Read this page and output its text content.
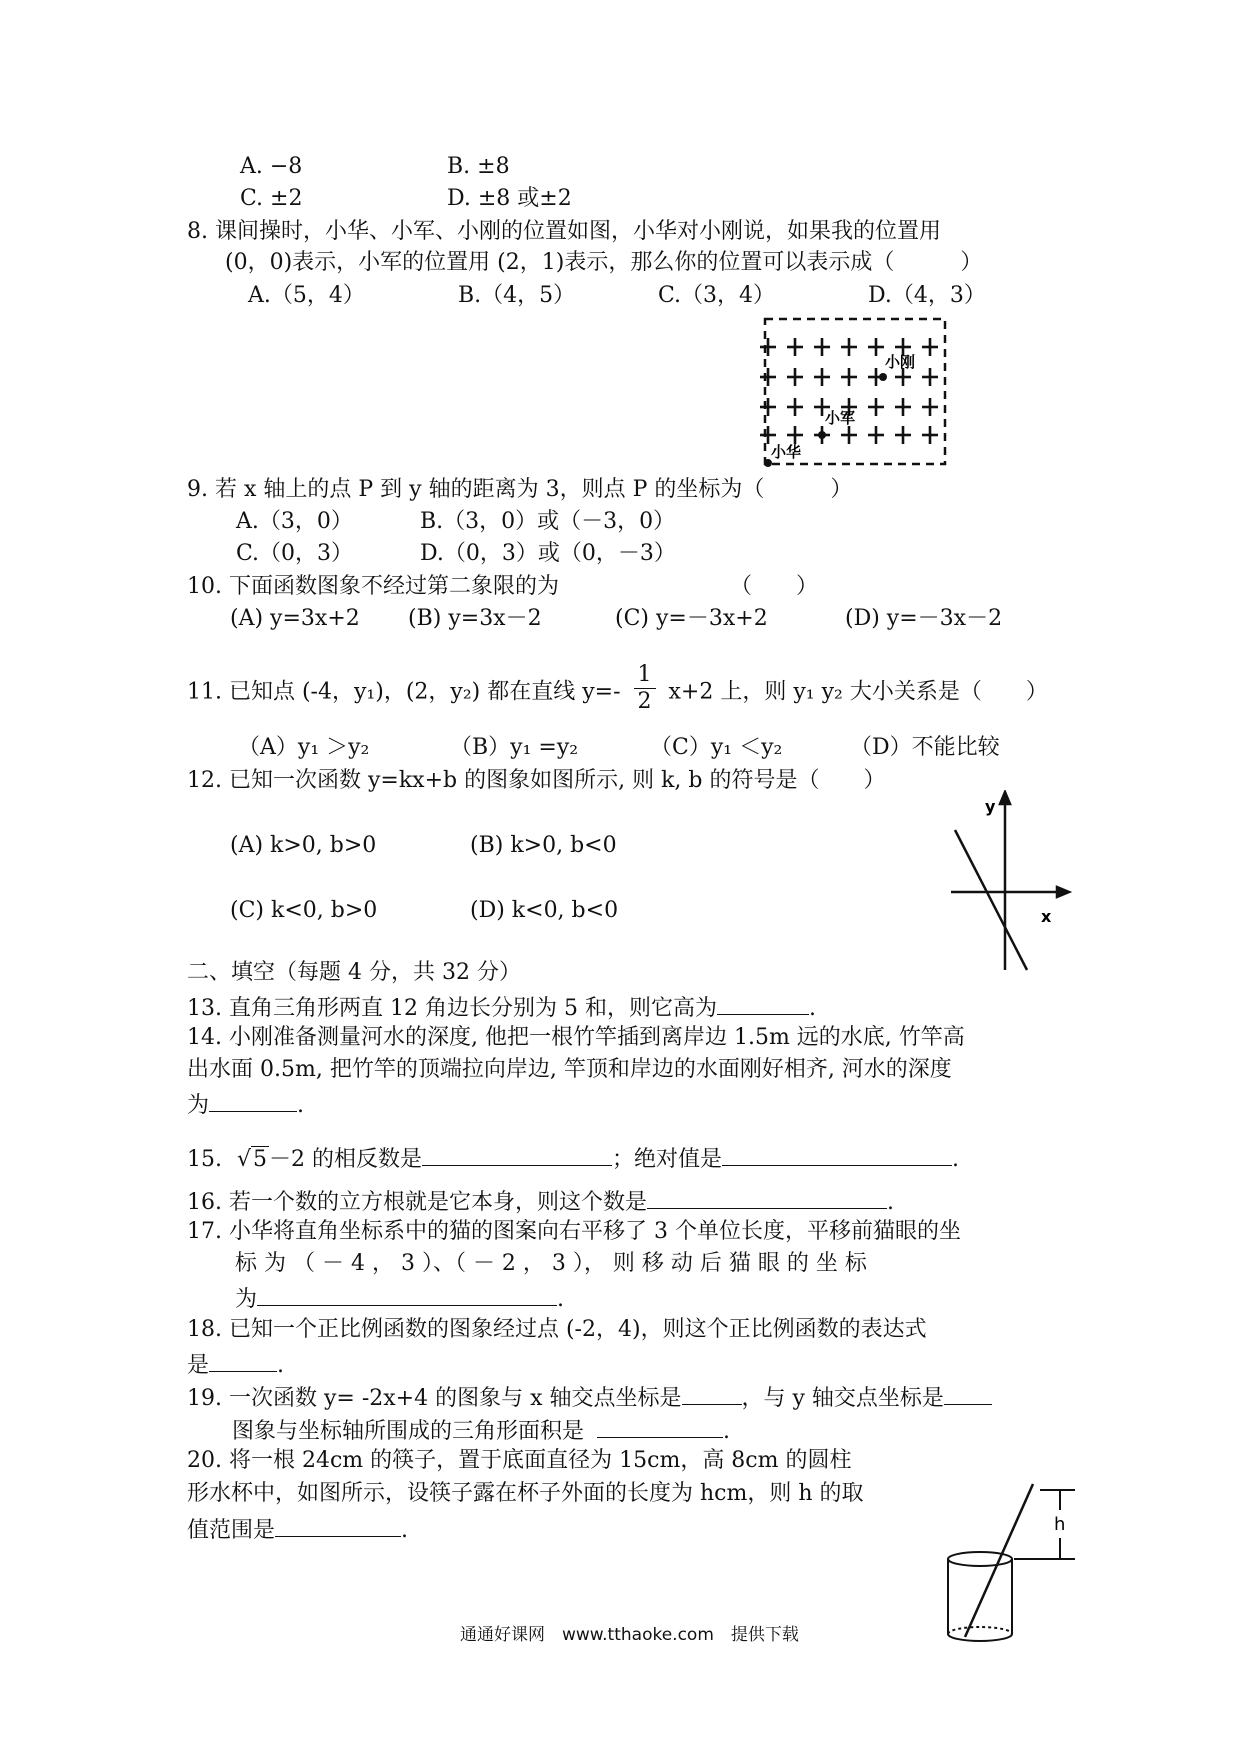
A. −8	B. ±8
C. ±2	D. ±8 或±2
8. 课间操时，小华、小军、小刚的位置如图，小华对小刚说，如果我的位置用
(0，0)表示，小军的位置用 (2，1)表示，那么你的位置可以表示成（　　　）
A.（5，4）	B.（4，5）	C.（3，4）	D.（4，3）
小刚
小军
小华
9. 若 x 轴上的点 P 到 y 轴的距离为 3，则点 P 的坐标为（　　　）
A.（3，0）	B.（3，0）或（－3，0）
C.（0，3）	D.（0，3）或（0，－3）
10. 下面函数图象不经过第二象限的为	（　　）
(A) y=3x+2 (B) y=3x－2	(C) y=－3x+2	(D) y=－3x－2
11. 已知点 (-4，y₁)，(2，y₂) 都在直线 $y=- \frac{1}{2} x+2$ 上，则 y₁ y₂ 大小关系是（　　）
（A）y₁ ＞y₂	（B）y₁ =y₂	（C）y₁ ＜y₂	（D）不能比较
12. 已知一次函数 y=kx+b 的图象如图所示, 则 k, b 的符号是（　　）
(A) k>0, b>0	(B) k>0, b<0
(C) k<0, b>0	(D) k<0, b<0
y
x
二、填空（每题 4 分，共 32 分）
13. 直角三角形两直 12 角边长分别为 5 和，则它高为	.
14. 小刚准备测量河水的深度, 他把一根竹竿插到离岸边 1.5m 远的水底, 竹竿高
出水面 0.5m, 把竹竿的顶端拉向岸边, 竿顶和岸边的水面刚好相齐, 河水的深度
为	.
15. √5－2 的相反数是	；绝对值是	.
16. 若一个数的立方根就是它本身，则这个数是	.
17. 小华将直角坐标系中的猫的图案向右平移了 3 个单位长度，平移前猫眼的坐
标 为 （ － 4 ， 3 ）、（ － 2 ， 3 ）， 则 移 动 后 猫 眼 的 坐 标
为	.
18. 已知一个正比例函数的图象经过点 (-2，4)，则这个正比例函数的表达式
是	.
19. 一次函数 y= -2x+4 的图象与 x 轴交点坐标是	，与 y 轴交点坐标是
图象与坐标轴所围成的三角形面积是	.
20. 将一根 24cm 的筷子，置于底面直径为 15cm，高 8cm 的圆柱
形水杯中，如图所示，设筷子露在杯子外面的长度为 hcm，则 h 的取
值范围是	.	h
通通好课网　www.tthaoke.com　提供下载
